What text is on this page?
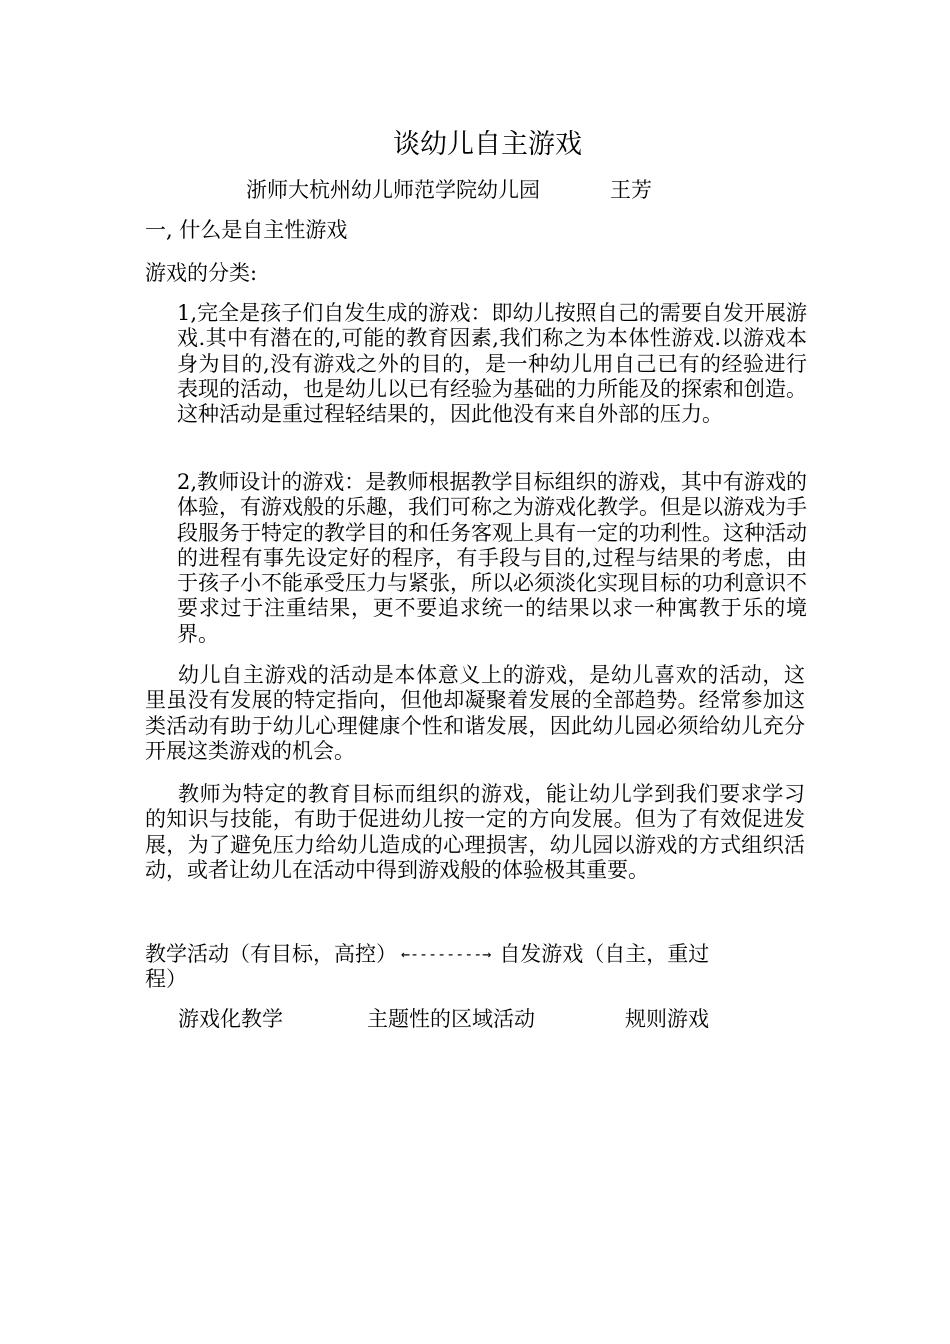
谈幼儿自主游戏
浙师大杭州幼儿师范学院幼儿园	王芳
一, 什么是自主性游戏
游戏的分类:

1,完全是孩子们自发生成的游戏：即幼儿按照自己的需要自发开展游戏.其中有潜在的,可能的教育因素,我们称之为本体性游戏.以游戏本身为目的,没有游戏之外的目的，是一种幼儿用自己已有的经验进行表现的活动，也是幼儿以已有经验为基础的力所能及的探索和创造。这种活动是重过程轻结果的，因此他没有来自外部的压力。

2,教师设计的游戏：是教师根据教学目标组织的游戏，其中有游戏的体验，有游戏般的乐趣，我们可称之为游戏化教学。但是以游戏为手段服务于特定的教学目的和任务客观上具有一定的功利性。这种活动的进程有事先设定好的程序，有手段与目的,过程与结果的考虑，由于孩子小不能承受压力与紧张，所以必须淡化实现目标的功利意识不要求过于注重结果，更不要追求统一的结果以求一种寓教于乐的境界。

幼儿自主游戏的活动是本体意义上的游戏，是幼儿喜欢的活动，这里虽没有发展的特定指向，但他却凝聚着发展的全部趋势。经常参加这类活动有助于幼儿心理健康个性和谐发展，因此幼儿园必须给幼儿充分开展这类游戏的机会。

教师为特定的教育目标而组织的游戏，能让幼儿学到我们要求学习的知识与技能，有助于促进幼儿按一定的方向发展。但为了有效促进发展，为了避免压力给幼儿造成的心理损害，幼儿园以游戏的方式组织活动，或者让幼儿在活动中得到游戏般的体验极其重要。

教学活动（有目标，高控） ←--------→ 自发游戏（自主，重过
程）
游戏化教学	主题性的区域活动	规则游戏
